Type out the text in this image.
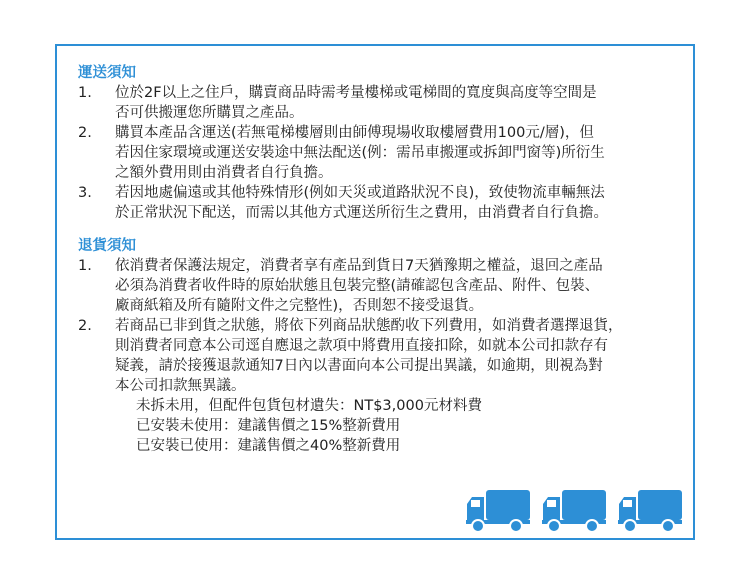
運送須知
1. 位於2F以上之住戶，購賣商品時需考量樓梯或電梯間的寬度與高度等空間是
否可供搬運您所購買之產品。
2. 購買本產品含運送(若無電梯樓層則由師傅現場收取樓層費用100元/層)，但
若因住家環境或運送安裝途中無法配送(例：需吊車搬運或拆卸門窗等)所衍生
之額外費用則由消費者自行負擔。
3. 若因地處偏遠或其他特殊情形(例如天災或道路狀況不良)，致使物流車輛無法
於正常狀況下配送，而需以其他方式運送所衍生之費用，由消費者自行負擔。
退貨須知
1. 依消費者保護法規定，消費者享有產品到貨日7天猶豫期之權益，退回之產品
必須為消費者收件時的原始狀態且包裝完整(請確認包含產品、附件、包裝、
廠商紙箱及所有隨附文件之完整性)，否則恕不接受退貨。
2. 若商品已非到貨之狀態，將依下列商品狀態酌收下列費用，如消費者選擇退貨，
則消費者同意本公司逕自應退之款項中將費用直接扣除，如就本公司扣款存有
疑義，請於接獲退款通知7日內以書面向本公司提出異議，如逾期，則視為對
本公司扣款無異議。
未拆未用，但配件包貨包材遺失：NT$3,000元材料費
已安裝未使用：建議售價之15%整新費用
已安裝已使用：建議售價之40%整新費用
